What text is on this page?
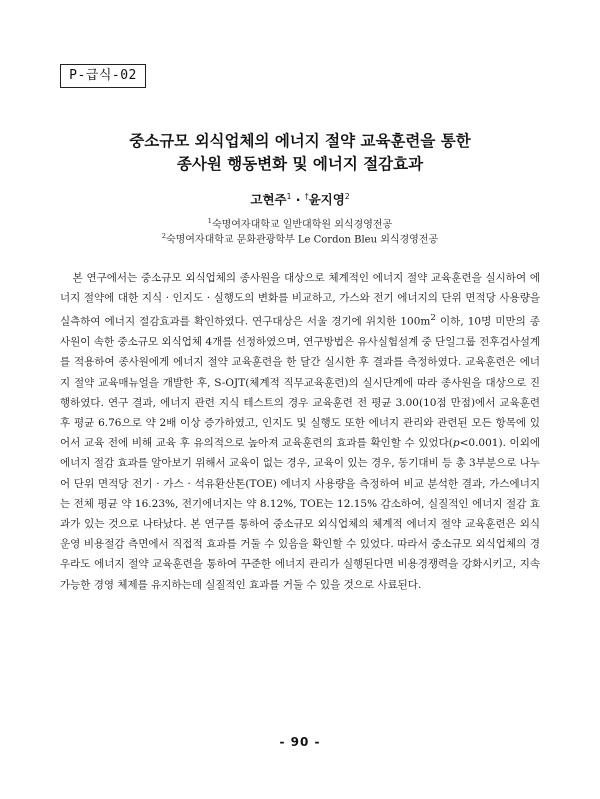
P-급식-02
중소규모 외식업체의 에너지 절약 교육훈련을 통한
종사원 행동변화 및 에너지 절감효과
고현주$^1$ · †윤지영$^2$
$^1$숙명여자대학교 일반대학원 외식경영전공
$^2$숙명여자대학교 문화관광학부 Le Cordon Bleu 외식경영전공
본 연구에서는 중소규모 외식업체의 종사원을 대상으로 체계적인 에너지 절약 교육훈련을 실시하여 에너지 절약에 대한 지식 · 인지도 · 실행도의 변화를 비교하고, 가스와 전기 에너지의 단위 면적당 사용량을 실측하여 에너지 절감효과를 확인하였다. 연구대상은 서울 경기에 위치한 $100m^2$ 이하, 10명 미만의 종사원이 속한 중소규모 외식업체 4개를 선정하였으며, 연구방법은 유사실험설계 중 단일그룹 전후검사설계를 적용하여 종사원에게 에너지 절약 교육훈련을 한 달간 실시한 후 결과를 측정하였다. 교육훈련은 에너지 절약 교육매뉴얼을 개발한 후, S-OJT(체계적 직무교육훈련)의 실시단계에 따라 종사원을 대상으로 진행하였다. 연구 결과, 에너지 관련 지식 테스트의 경우 교육훈련 전 평균 3.00(10점 만점)에서 교육훈련 후 평균 6.76으로 약 2배 이상 증가하였고, 인지도 및 실행도 또한 에너지 관리와 관련된 모든 항목에 있어서 교육 전에 비해 교육 후 유의적으로 높아져 교육훈련의 효과를 확인할 수 있었다(p<0.001). 이외에 에너지 절감 효과를 알아보기 위해서 교육이 없는 경우, 교육이 있는 경우, 동기대비 등 총 3부분으로 나누어 단위 면적당 전기 · 가스 · 석유환산톤(TOE) 에너지 사용량을 측정하여 비교 분석한 결과, 가스에너지는 전체 평균 약 16.23%, 전기에너지는 약 8.12%, TOE는 12.15% 감소하여, 실질적인 에너지 절감 효과가 있는 것으로 나타났다. 본 연구를 통하여 중소규모 외식업체의 체계적 에너지 절약 교육훈련은 외식운영 비용절감 측면에서 직접적 효과를 거둘 수 있음을 확인할 수 있었다. 따라서 중소규모 외식업체의 경우라도 에너지 절약 교육훈련을 통하여 꾸준한 에너지 관리가 실행된다면 비용경쟁력을 강화시키고, 지속가능한 경영 체제를 유지하는데 실질적인 효과를 거둘 수 있을 것으로 사료된다.
- 90 -
